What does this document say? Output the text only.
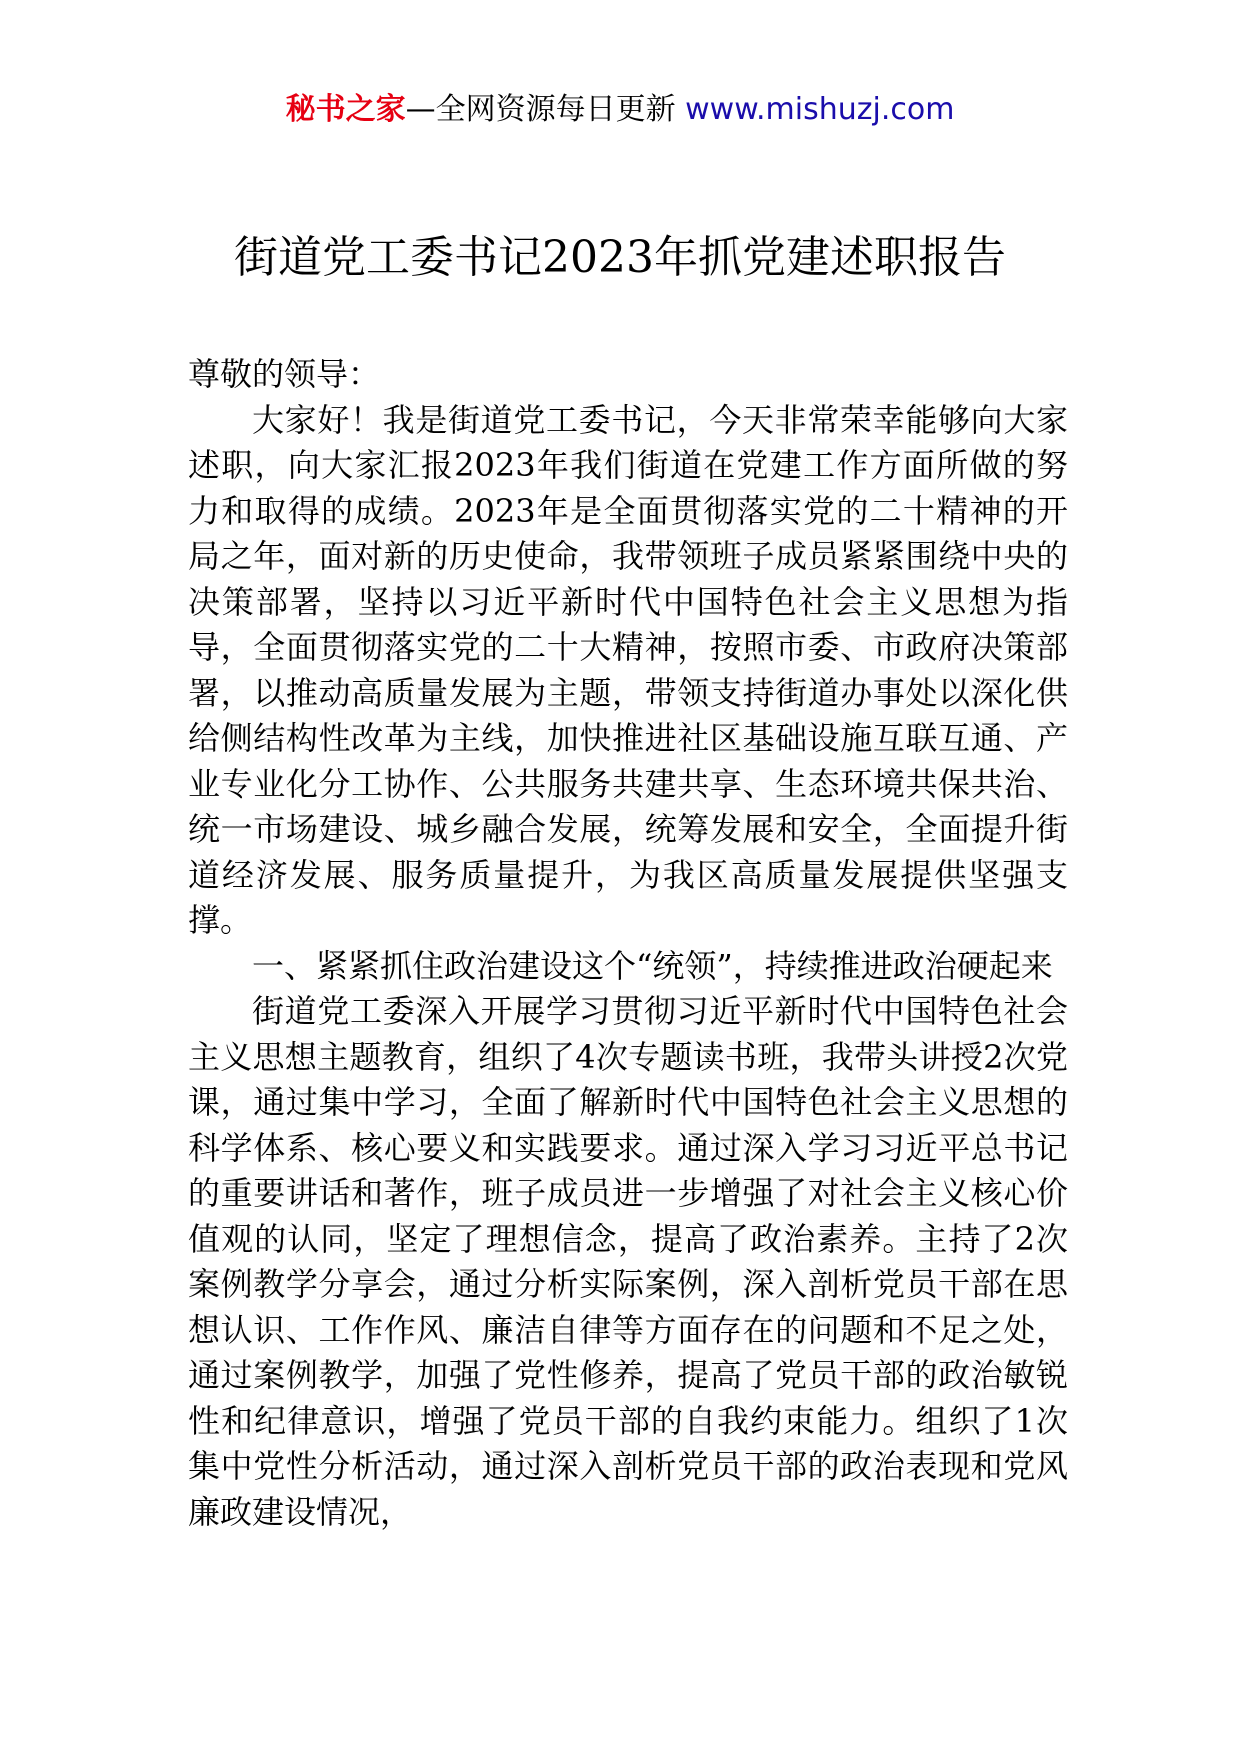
秘书之家—全网资源每日更新 www.mishuzj.com
街道党工委书记2023年抓党建述职报告

尊敬的领导：

大家好！我是街道党工委书记，今天非常荣幸能够向大家述职，向大家汇报2023年我们街道在党建工作方面所做的努力和取得的成绩。2023年是全面贯彻落实党的二十精神的开局之年，面对新的历史使命，我带领班子成员紧紧围绕中央的决策部署，坚持以习近平新时代中国特色社会主义思想为指导，全面贯彻落实党的二十大精神，按照市委、市政府决策部署，以推动高质量发展为主题，带领支持街道办事处以深化供给侧结构性改革为主线，加快推进社区基础设施互联互通、产业专业化分工协作、公共服务共建共享、生态环境共保共治、统一市场建设、城乡融合发展，统筹发展和安全，全面提升街道经济发展、服务质量提升，为我区高质量发展提供坚强支撑。

一、紧紧抓住政治建设这个“统领”，持续推进政治硬起来

街道党工委深入开展学习贯彻习近平新时代中国特色社会主义思想主题教育，组织了4次专题读书班，我带头讲授2次党课，通过集中学习，全面了解新时代中国特色社会主义思想的科学体系、核心要义和实践要求。通过深入学习习近平总书记的重要讲话和著作，班子成员进一步增强了对社会主义核心价值观的认同，坚定了理想信念，提高了政治素养。主持了2次案例教学分享会，通过分析实际案例，深入剖析党员干部在思想认识、工作作风、廉洁自律等方面存在的问题和不足之处，通过案例教学，加强了党性修养，提高了党员干部的政治敏锐性和纪律意识，增强了党员干部的自我约束能力。组织了1次集中党性分析活动，通过深入剖析党员干部的政治表现和党风廉政建设情况，
